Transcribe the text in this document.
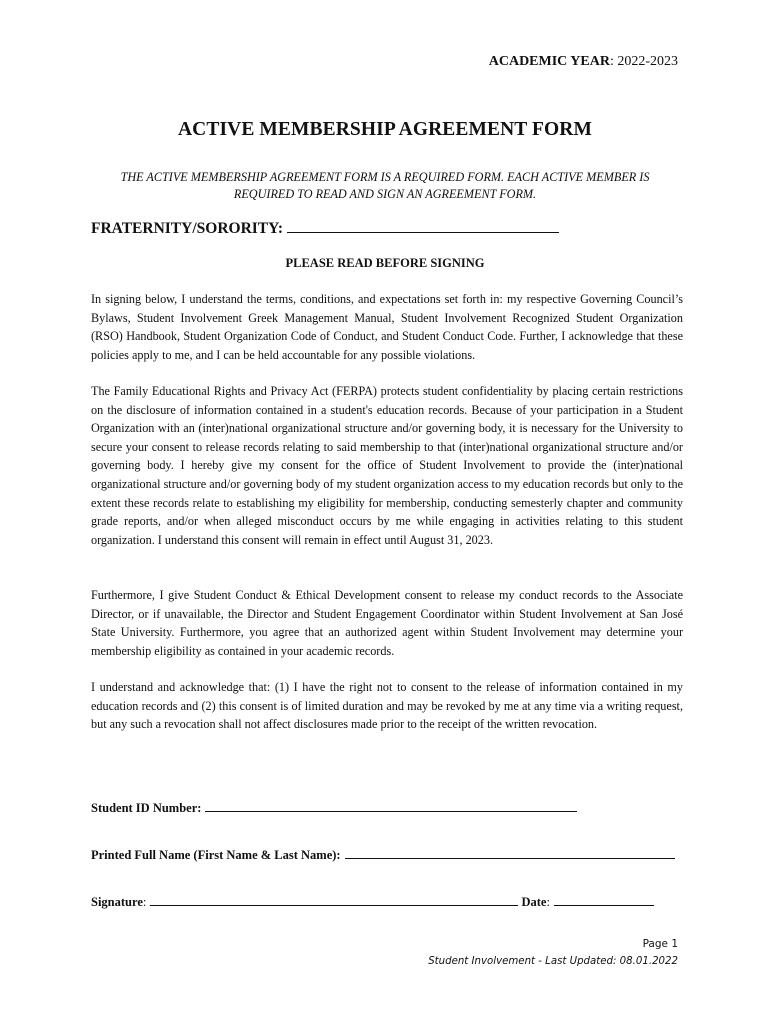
ACADEMIC YEAR: 2022-2023
ACTIVE MEMBERSHIP AGREEMENT FORM
THE ACTIVE MEMBERSHIP AGREEMENT FORM IS A REQUIRED FORM. EACH ACTIVE MEMBER IS REQUIRED TO READ AND SIGN AN AGREEMENT FORM.
FRATERNITY/SORORITY:
PLEASE READ BEFORE SIGNING
In signing below, I understand the terms, conditions, and expectations set forth in: my respective Governing Council’s Bylaws, Student Involvement Greek Management Manual, Student Involvement Recognized Student Organization (RSO) Handbook, Student Organization Code of Conduct, and Student Conduct Code. Further, I acknowledge that these policies apply to me, and I can be held accountable for any possible violations.
The Family Educational Rights and Privacy Act (FERPA) protects student confidentiality by placing certain restrictions on the disclosure of information contained in a student's education records. Because of your participation in a Student Organization with an (inter)national organizational structure and/or governing body, it is necessary for the University to secure your consent to release records relating to said membership to that (inter)national organizational structure and/or governing body. I hereby give my consent for the office of Student Involvement to provide the (inter)national organizational structure and/or governing body of my student organization access to my education records but only to the extent these records relate to establishing my eligibility for membership, conducting semesterly chapter and community grade reports, and/or when alleged misconduct occurs by me while engaging in activities relating to this student organization. I understand this consent will remain in effect until August 31, 2023.
Furthermore, I give Student Conduct & Ethical Development consent to release my conduct records to the Associate Director, or if unavailable, the Director and Student Engagement Coordinator within Student Involvement at San José State University. Furthermore, you agree that an authorized agent within Student Involvement may determine your membership eligibility as contained in your academic records.
I understand and acknowledge that: (1) I have the right not to consent to the release of information contained in my education records and (2) this consent is of limited duration and may be revoked by me at any time via a writing request, but any such a revocation shall not affect disclosures made prior to the receipt of the written revocation.
Student ID Number:
Printed Full Name (First Name & Last Name):
Signature:	Date:
Page 1
Student Involvement - Last Updated: 08.01.2022
